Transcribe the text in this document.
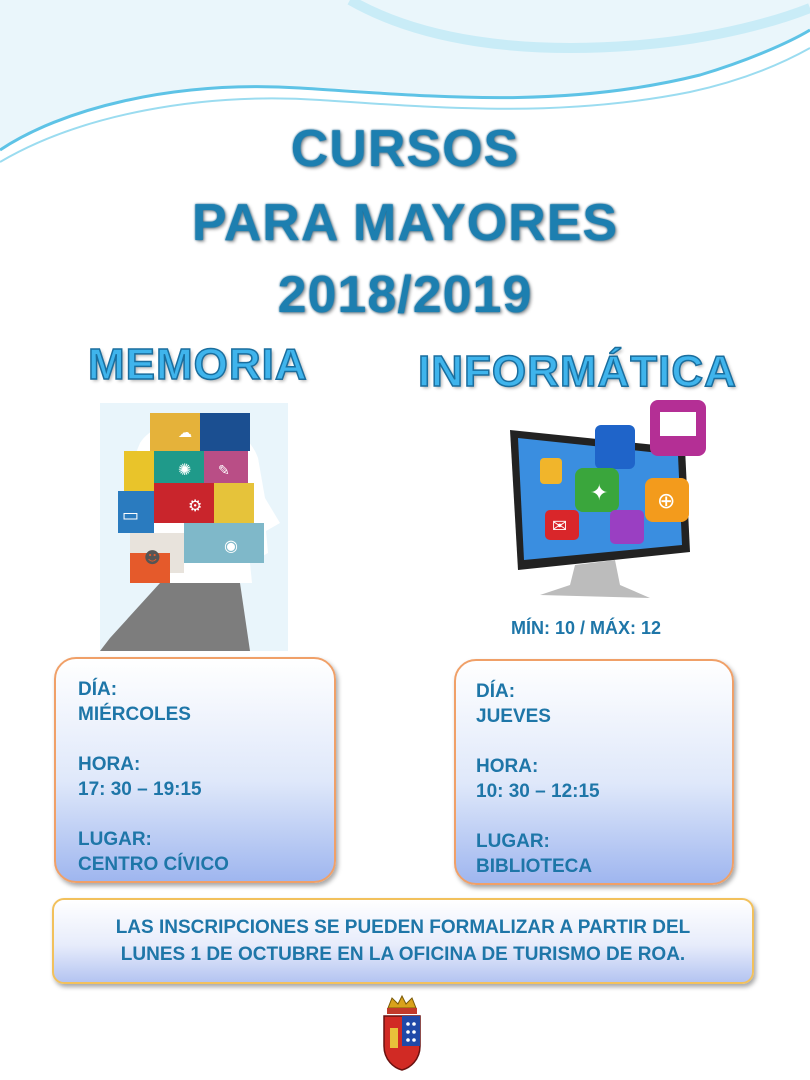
CURSOS
PARA MAYORES
2018/2019
MEMORIA	INFORMÁTICA
✺ ✎
▭	⚙
☻
◉
☁
✦ ⊕
✉
MÍN: 10 / MÁX: 12
DÍA:
MIÉRCOLES
HORA:
17: 30 – 19:15
LUGAR:
CENTRO CÍVICO
DÍA:
JUEVES
HORA:
10: 30 – 12:15
LUGAR:
BIBLIOTECA
LAS INSCRIPCIONES SE PUEDEN FORMALIZAR A PARTIR DEL
LUNES 1 DE OCTUBRE EN LA OFICINA DE TURISMO DE ROA.
